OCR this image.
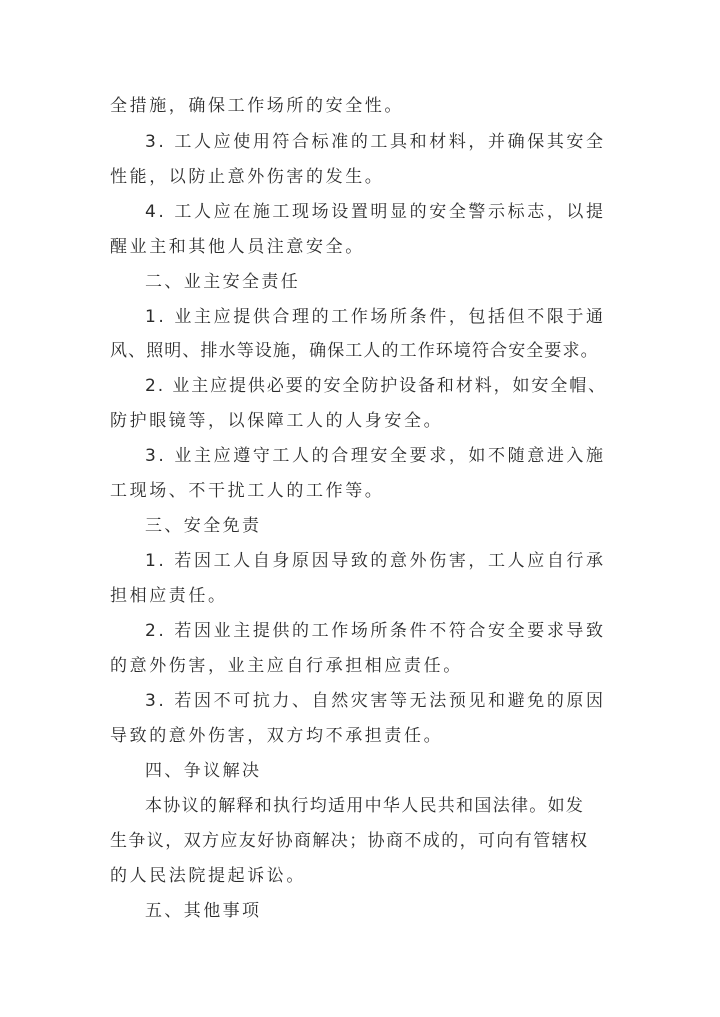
全措施，确保工作场所的安全性。
3. 工人应使用符合标准的工具和材料，并确保其安全
性能，以防止意外伤害的发生。
4. 工人应在施工现场设置明显的安全警示标志，以提
醒业主和其他人员注意安全。
二、业主安全责任
1. 业主应提供合理的工作场所条件，包括但不限于通
风、照明、排水等设施，确保工人的工作环境符合安全要求。
2. 业主应提供必要的安全防护设备和材料，如安全帽、
防护眼镜等，以保障工人的人身安全。
3. 业主应遵守工人的合理安全要求，如不随意进入施
工现场、不干扰工人的工作等。
三、安全免责
1. 若因工人自身原因导致的意外伤害，工人应自行承
担相应责任。
2. 若因业主提供的工作场所条件不符合安全要求导致
的意外伤害，业主应自行承担相应责任。
3. 若因不可抗力、自然灾害等无法预见和避免的原因
导致的意外伤害，双方均不承担责任。
四、争议解决
本协议的解释和执行均适用中华人民共和国法律。如发
生争议，双方应友好协商解决；协商不成的，可向有管辖权
的人民法院提起诉讼。
五、其他事项
